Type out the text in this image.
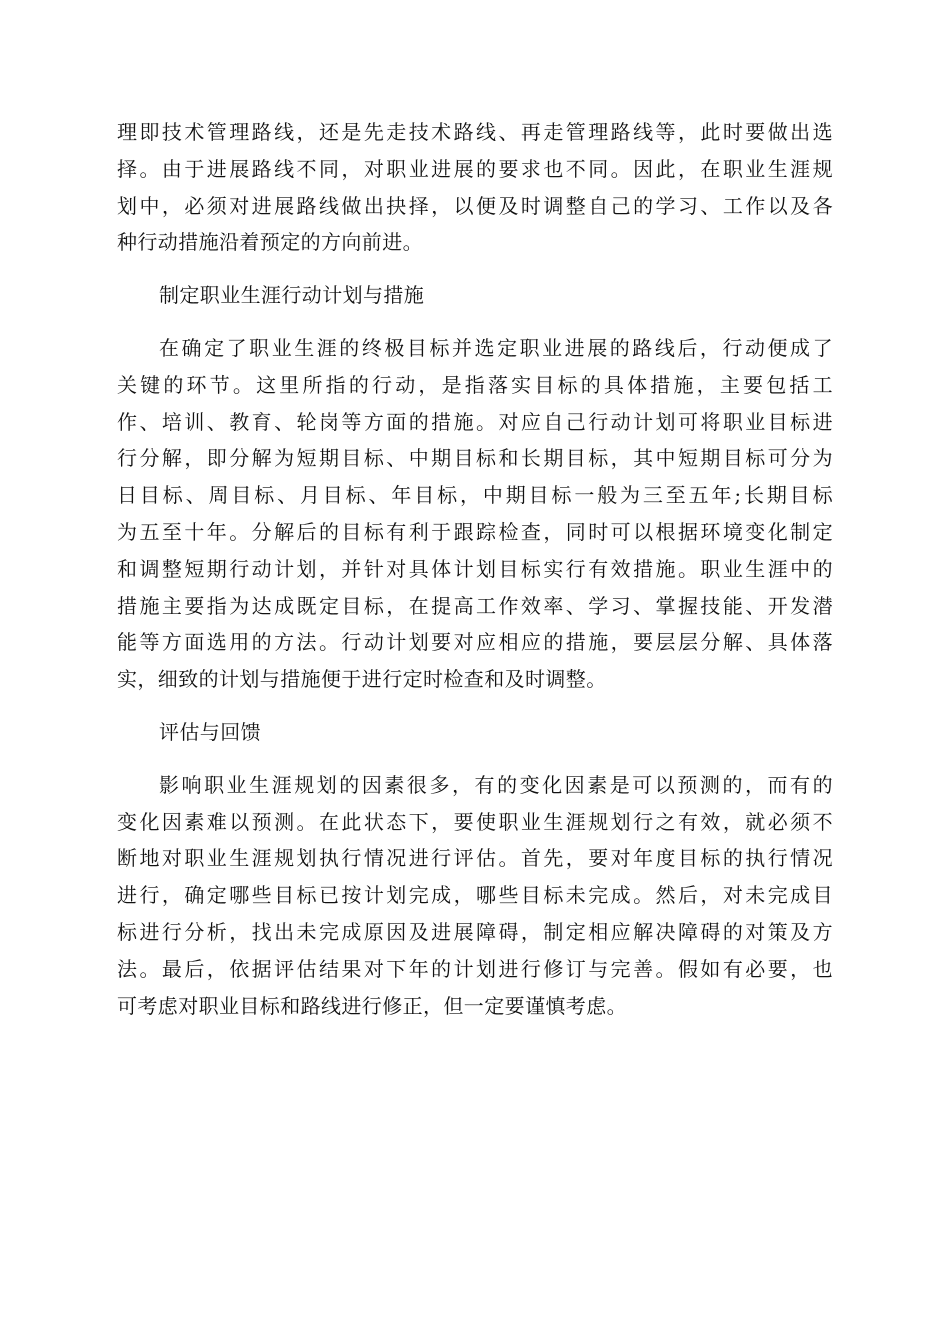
理即技术管理路线，还是先走技术路线、再走管理路线等，此时要做出选
择。由于进展路线不同，对职业进展的要求也不同。因此，在职业生涯规
划中，必须对进展路线做出抉择，以便及时调整自己的学习、工作以及各
种行动措施沿着预定的方向前进。
制定职业生涯行动计划与措施
在确定了职业生涯的终极目标并选定职业进展的路线后，行动便成了
关键的环节。这里所指的行动，是指落实目标的具体措施，主要包括工
作、培训、教育、轮岗等方面的措施。对应自己行动计划可将职业目标进
行分解，即分解为短期目标、中期目标和长期目标，其中短期目标可分为
日目标、周目标、月目标、年目标，中期目标一般为三至五年;长期目标
为五至十年。分解后的目标有利于跟踪检查，同时可以根据环境变化制定
和调整短期行动计划，并针对具体计划目标实行有效措施。职业生涯中的
措施主要指为达成既定目标，在提高工作效率、学习、掌握技能、开发潜
能等方面选用的方法。行动计划要对应相应的措施，要层层分解、具体落
实，细致的计划与措施便于进行定时检查和及时调整。
评估与回馈
影响职业生涯规划的因素很多，有的变化因素是可以预测的，而有的
变化因素难以预测。在此状态下，要使职业生涯规划行之有效，就必须不
断地对职业生涯规划执行情况进行评估。首先，要对年度目标的执行情况
进行，确定哪些目标已按计划完成，哪些目标未完成。然后，对未完成目
标进行分析，找出未完成原因及进展障碍，制定相应解决障碍的对策及方
法。最后，依据评估结果对下年的计划进行修订与完善。假如有必要，也
可考虑对职业目标和路线进行修正，但一定要谨慎考虑。
